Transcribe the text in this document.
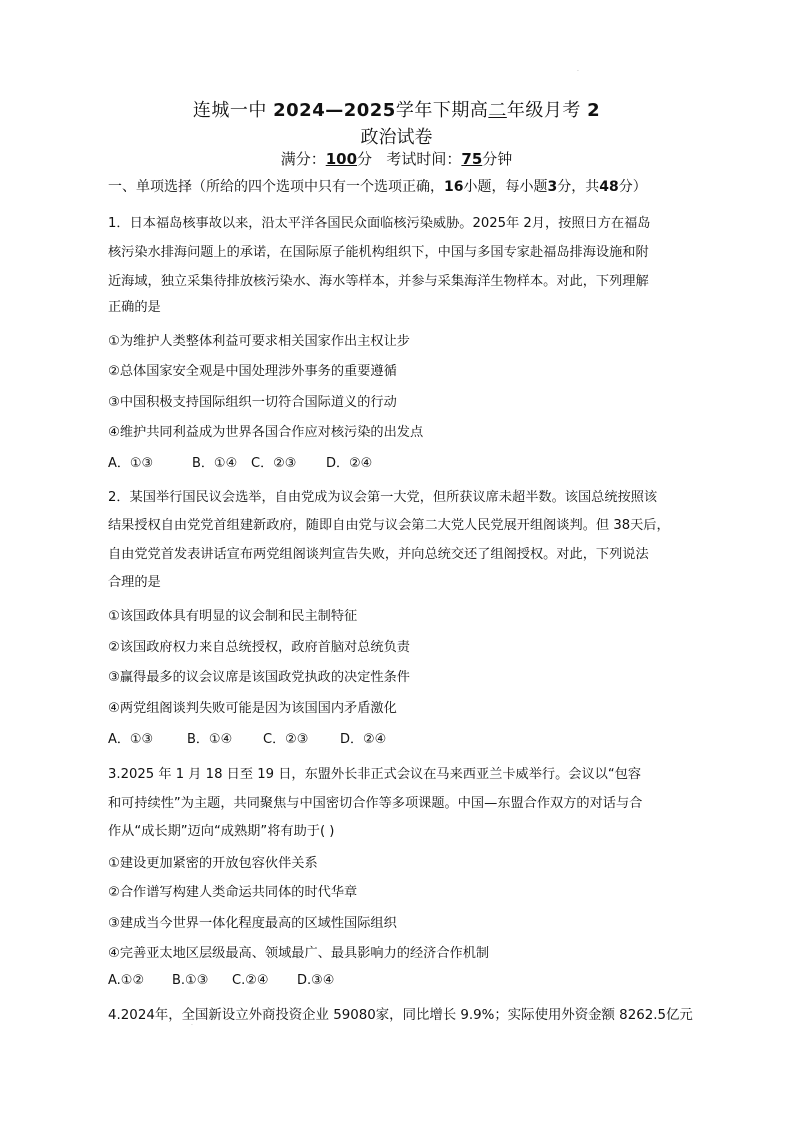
·
连城一中 2024—2025学年下期高二年级月考 2
政治试卷
满分：100分 考试时间：75分钟
一、单项选择（所给的四个选项中只有一个选项正确，16小题，每小题3分，共48分）
1．日本福岛核事故以来，沿太平洋各国民众面临核污染威胁。2025年 2月，按照日方在福岛
核污染水排海问题上的承诺，在国际原子能机构组织下，中国与多国专家赴福岛排海设施和附
近海域，独立采集待排放核污染水、海水等样本，并参与采集海洋生物样本。对此，下列理解
正确的是
①为维护人类整体利益可要求相关国家作出主权让步
②总体国家安全观是中国处理涉外事务的重要遵循
③中国积极支持国际组织一切符合国际道义的行动
④维护共同利益成为世界各国合作应对核污染的出发点
A．①③	B．①④ C．②③ D．②④
2．某国举行国民议会选举，自由党成为议会第一大党，但所获议席未超半数。该国总统按照该
结果授权自由党党首组建新政府，随即自由党与议会第二大党人民党展开组阁谈判。但 38天后，
自由党党首发表讲话宣布两党组阁谈判宣告失败，并向总统交还了组阁授权。对此，下列说法
合理的是
①该国政体具有明显的议会制和民主制特征
②该国政府权力来自总统授权，政府首脑对总统负责
③赢得最多的议会议席是该国政党执政的决定性条件
④两党组阁谈判失败可能是因为该国国内矛盾激化
A．①③	B．①④ C．②③ D．②④
3.2025 年 1 月 18 日至 19 日，东盟外长非正式会议在马来西亚兰卡威举行。会议以“包容
和可持续性”为主题，共同聚焦与中国密切合作等多项课题。中国—东盟合作双方的对话与合
作从“成长期”迈向“成熟期”将有助于( )
①建设更加紧密的开放包容伙伴关系
②合作谱写构建人类命运共同体的时代华章
③建成当今世界一体化程度最高的区域性国际组织
④完善亚太地区层级最高、领域最广、最具影响力的经济合作机制
A.①② B.①③ C.②④ D.③④
4.2024年，全国新设立外商投资企业 59080家，同比增长 9.9%；实际使用外资金额 8262.5亿元
·
